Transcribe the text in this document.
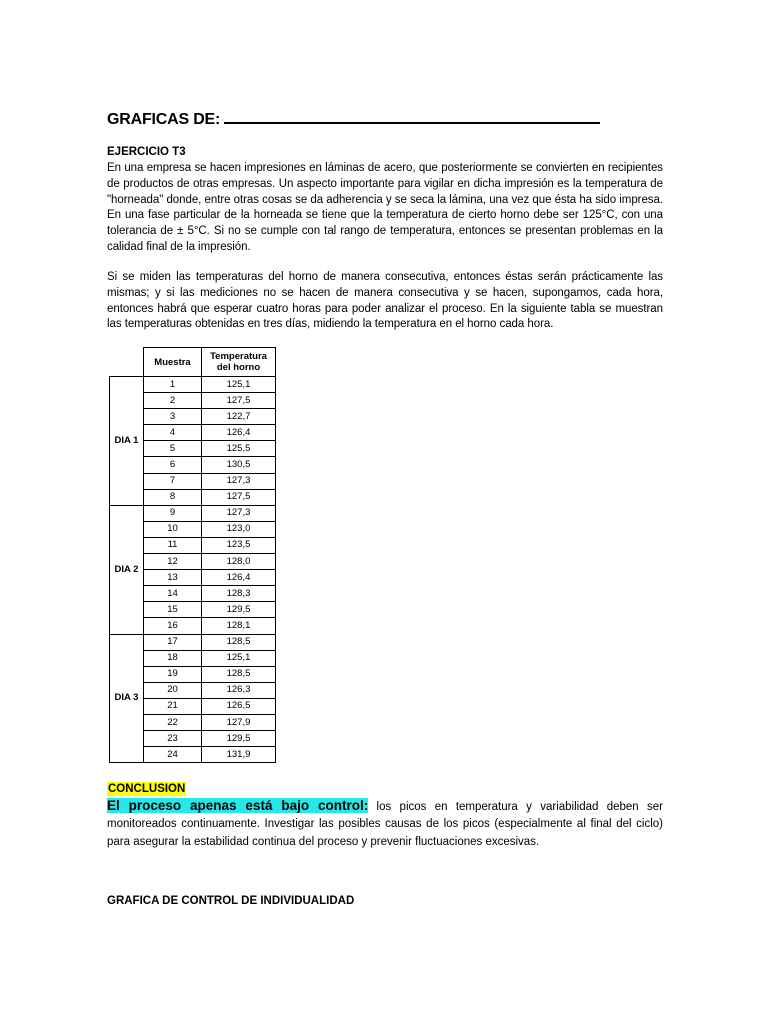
GRAFICAS DE:
EJERCICIO T3
En una empresa se hacen impresiones en láminas de acero, que posteriormente se convierten en recipientes de productos de otras empresas. Un aspecto importante para vigilar en dicha impresión es la temperatura de "horneada" donde, entre otras cosas se da adherencia y se seca la lámina, una vez que ésta ha sido impresa. En una fase particular de la horneada se tiene que la temperatura de cierto horno debe ser 125°C, con una tolerancia de ± 5°C. Si no se cumple con tal rango de temperatura, entonces se presentan problemas en la calidad final de la impresión.
Si se miden las temperaturas del horno de manera consecutiva, entonces éstas serán prácticamente las mismas; y si las mediciones no se hacen de manera consecutiva y se hacen, supongamos, cada hora, entonces habrá que esperar cuatro horas para poder analizar el proceso. En la siguiente tabla se muestran las temperaturas obtenidas en tres días, midiendo la temperatura en el horno cada hora.
	Muestra	Temperatura del horno
DIA 1	1	125,1
	2	127,5
	3	122,7
	4	126,4
	5	125,5
	6	130,5
	7	127,3
	8	127,5
DIA 2	9	127,3
	10	123,0
	11	123,5
	12	128,0
	13	126,4
	14	128,3
	15	129,5
	16	128,1
DIA 3	17	128,5
	18	125,1
	19	128,5
	20	126,3
	21	126,5
	22	127,9
	23	129,5
	24	131,9
CONCLUSION
El proceso apenas está bajo control: los picos en temperatura y variabilidad deben ser monitoreados continuamente. Investigar las posibles causas de los picos (especialmente al final del ciclo) para asegurar la estabilidad continua del proceso y prevenir fluctuaciones excesivas.
GRAFICA DE CONTROL DE INDIVIDUALIDAD
